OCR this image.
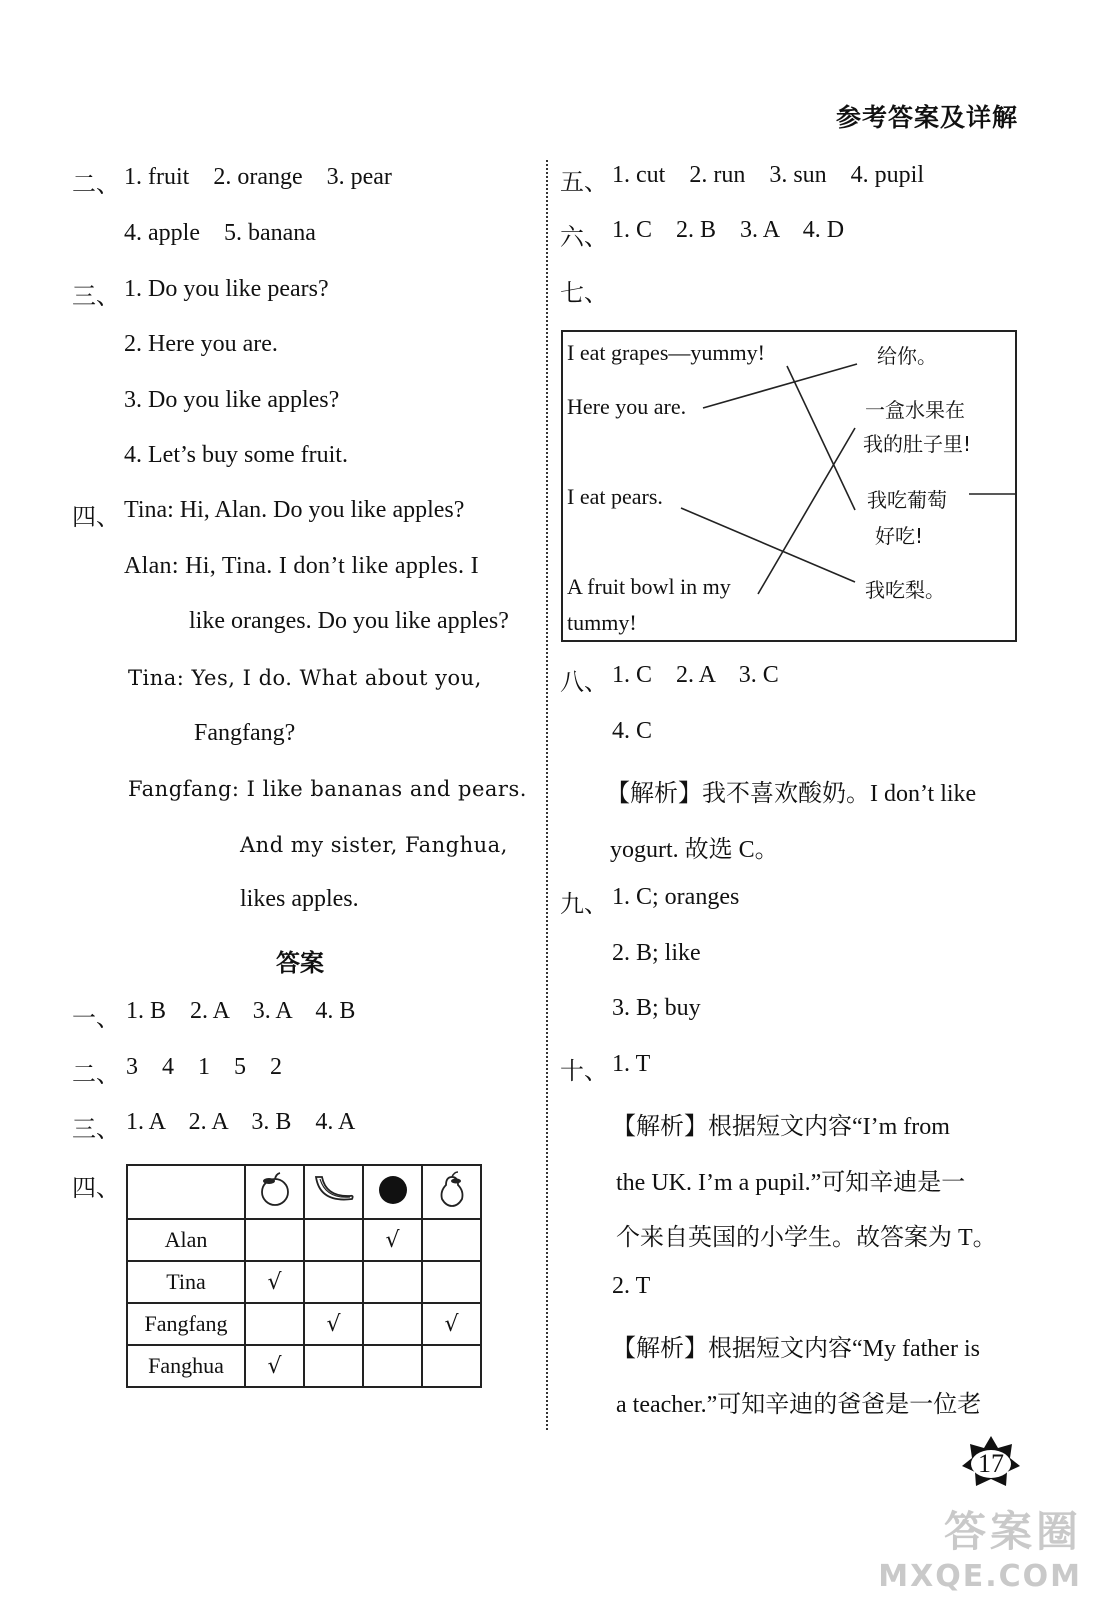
参考答案及详解
二、 1. fruit    2. orange    3. pear
4. apple    5. banana
三、 1. Do you like pears?
2. Here you are.
3. Do you like apples?
4. Let’s buy some fruit.
四、 Tina: Hi, Alan. Do you like apples?
Alan: Hi, Tina. I don’t like apples. I
like oranges. Do you like apples?
Tina: Yes, I do. What about you,
Fangfang?
Fangfang: I like bananas and pears.
And my sister, Fanghua,
likes apples.
答案
一、 1. B    2. A    3. A    4. B
二、 3    4    1    5    2
三、 1. A    2. A    3. B    4. A
四、

Alan			√	
Tina	√			
Fangfang		√		√
Fanghua	√			
五、 1. cut    2. run    3. sun    4. pupil
六、 1. C    2. B    3. A    4. D
七、
I eat grapes—yummy!
Here you are.
I eat pears.
A fruit bowl in my
tummy!
给你。
一盒水果在
我的肚子里!
我吃葡萄
好吃!
我吃梨。
八、 1. C    2. A    3. C
4. C
【解析】我不喜欢酸奶。I don’t like
yogurt. 故选 C。
九、 1. C; oranges
2. B; like
3. B; buy
十、 1. T
【解析】根据短文内容“I’m from
the UK. I’m a pupil.”可知辛迪是一
个来自英国的小学生。故答案为 T。
2. T
【解析】根据短文内容“My father is
a teacher.”可知辛迪的爸爸是一位老
17
答案圈
MXQE.COM
